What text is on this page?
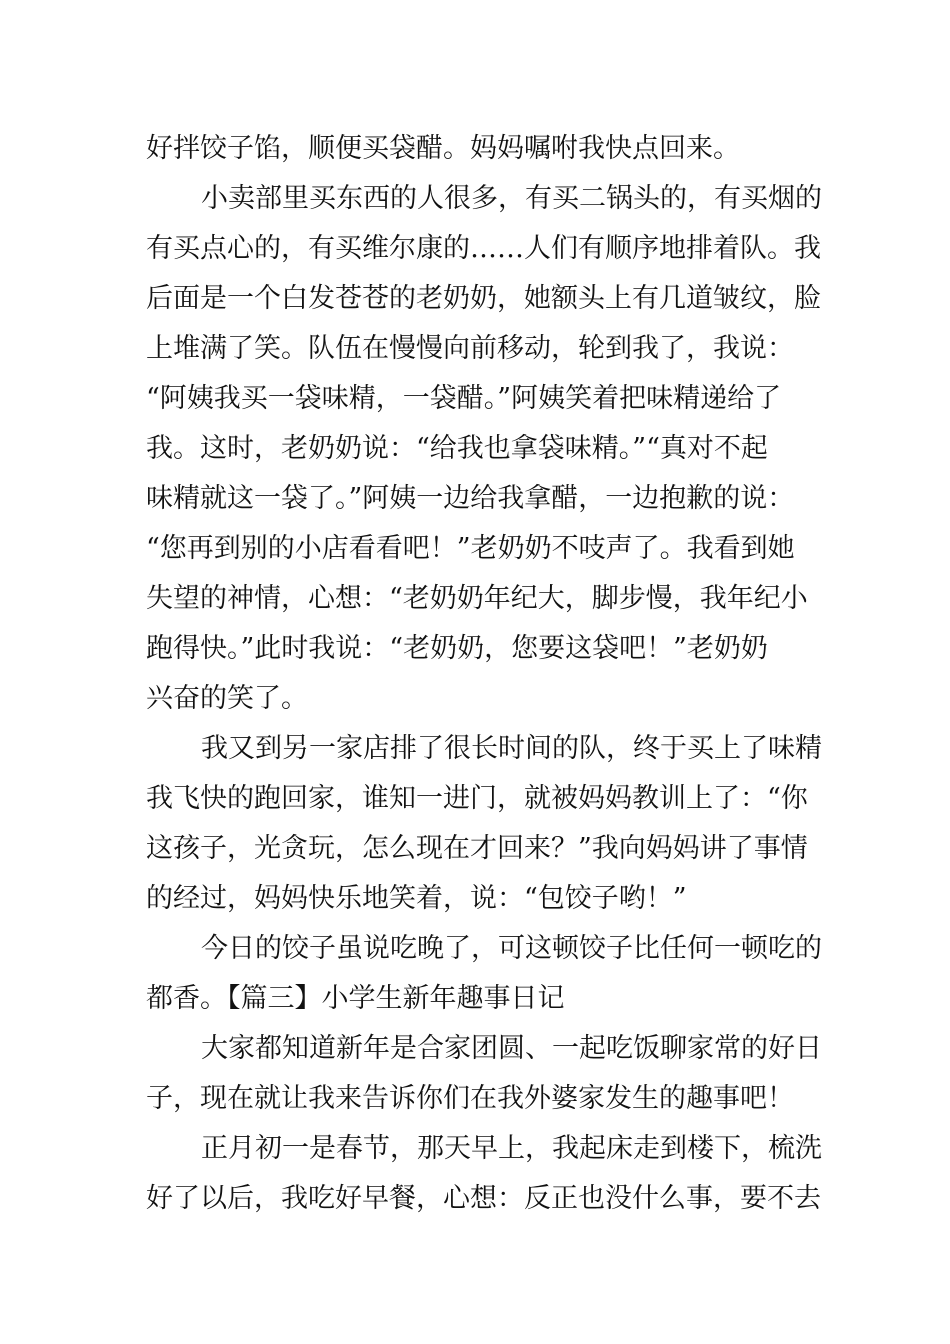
好拌饺子馅，顺便买袋醋。妈妈嘱咐我快点回来。
小卖部里买东西的人很多，有买二锅头的，有买烟的
有买点心的，有买维尔康的……人们有顺序地排着队。我
后面是一个白发苍苍的老奶奶，她额头上有几道皱纹，脸
上堆满了笑。队伍在慢慢向前移动，轮到我了，我说：
“阿姨我买一袋味精，一袋醋。”阿姨笑着把味精递给了
我。这时，老奶奶说：“给我也拿袋味精。”“真对不起
味精就这一袋了。”阿姨一边给我拿醋，一边抱歉的说：
“您再到别的小店看看吧！”老奶奶不吱声了。我看到她
失望的神情，心想：“老奶奶年纪大，脚步慢，我年纪小
跑得快。”此时我说：“老奶奶，您要这袋吧！”老奶奶
兴奋的笑了。
我又到另一家店排了很长时间的队，终于买上了味精
我飞快的跑回家，谁知一进门，就被妈妈教训上了：“你
这孩子，光贪玩，怎么现在才回来？”我向妈妈讲了事情
的经过，妈妈快乐地笑着，说：“包饺子哟！”
今日的饺子虽说吃晚了，可这顿饺子比任何一顿吃的
都香。【篇三】小学生新年趣事日记
大家都知道新年是合家团圆、一起吃饭聊家常的好日
子，现在就让我来告诉你们在我外婆家发生的趣事吧！
正月初一是春节，那天早上，我起床走到楼下，梳洗
好了以后，我吃好早餐，心想：反正也没什么事，要不去
